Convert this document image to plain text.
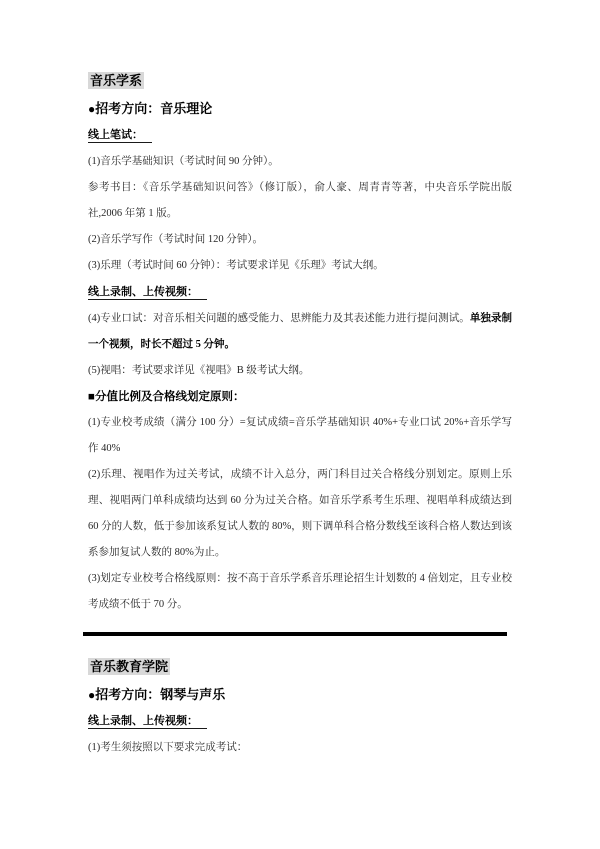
音乐学系

●招考方向：音乐理论

线上笔试：

(1)音乐学基础知识（考试时间 90 分钟）。

参考书目：《音乐学基础知识问答》（修订版），俞人豪、周青青等著，中央音乐学院出版社,2006 年第 1 版。

(2)音乐学写作（考试时间 120 分钟）。

(3)乐理（考试时间 60 分钟）：考试要求详见《乐理》考试大纲。

线上录制、上传视频：

(4)专业口试：对音乐相关问题的感受能力、思辨能力及其表述能力进行提问测试。单独录制一个视频，时长不超过 5 分钟。

(5)视唱：考试要求详见《视唱》B 级考试大纲。

■分值比例及合格线划定原则：

(1)专业校考成绩（满分 100 分）=复试成绩=音乐学基础知识 40%+专业口试 20%+音乐学写作 40%

(2)乐理、视唱作为过关考试，成绩不计入总分，两门科目过关合格线分别划定。原则上乐理、视唱两门单科成绩均达到 60 分为过关合格。如音乐学系考生乐理、视唱单科成绩达到 60 分的人数，低于参加该系复试人数的 80%，则下调单科合格分数线至该科合格人数达到该系参加复试人数的 80%为止。

(3)划定专业校考合格线原则：按不高于音乐学系音乐理论招生计划数的 4 倍划定，且专业校考成绩不低于 70 分。

音乐教育学院

●招考方向：钢琴与声乐

线上录制、上传视频：

(1)考生须按照以下要求完成考试：
